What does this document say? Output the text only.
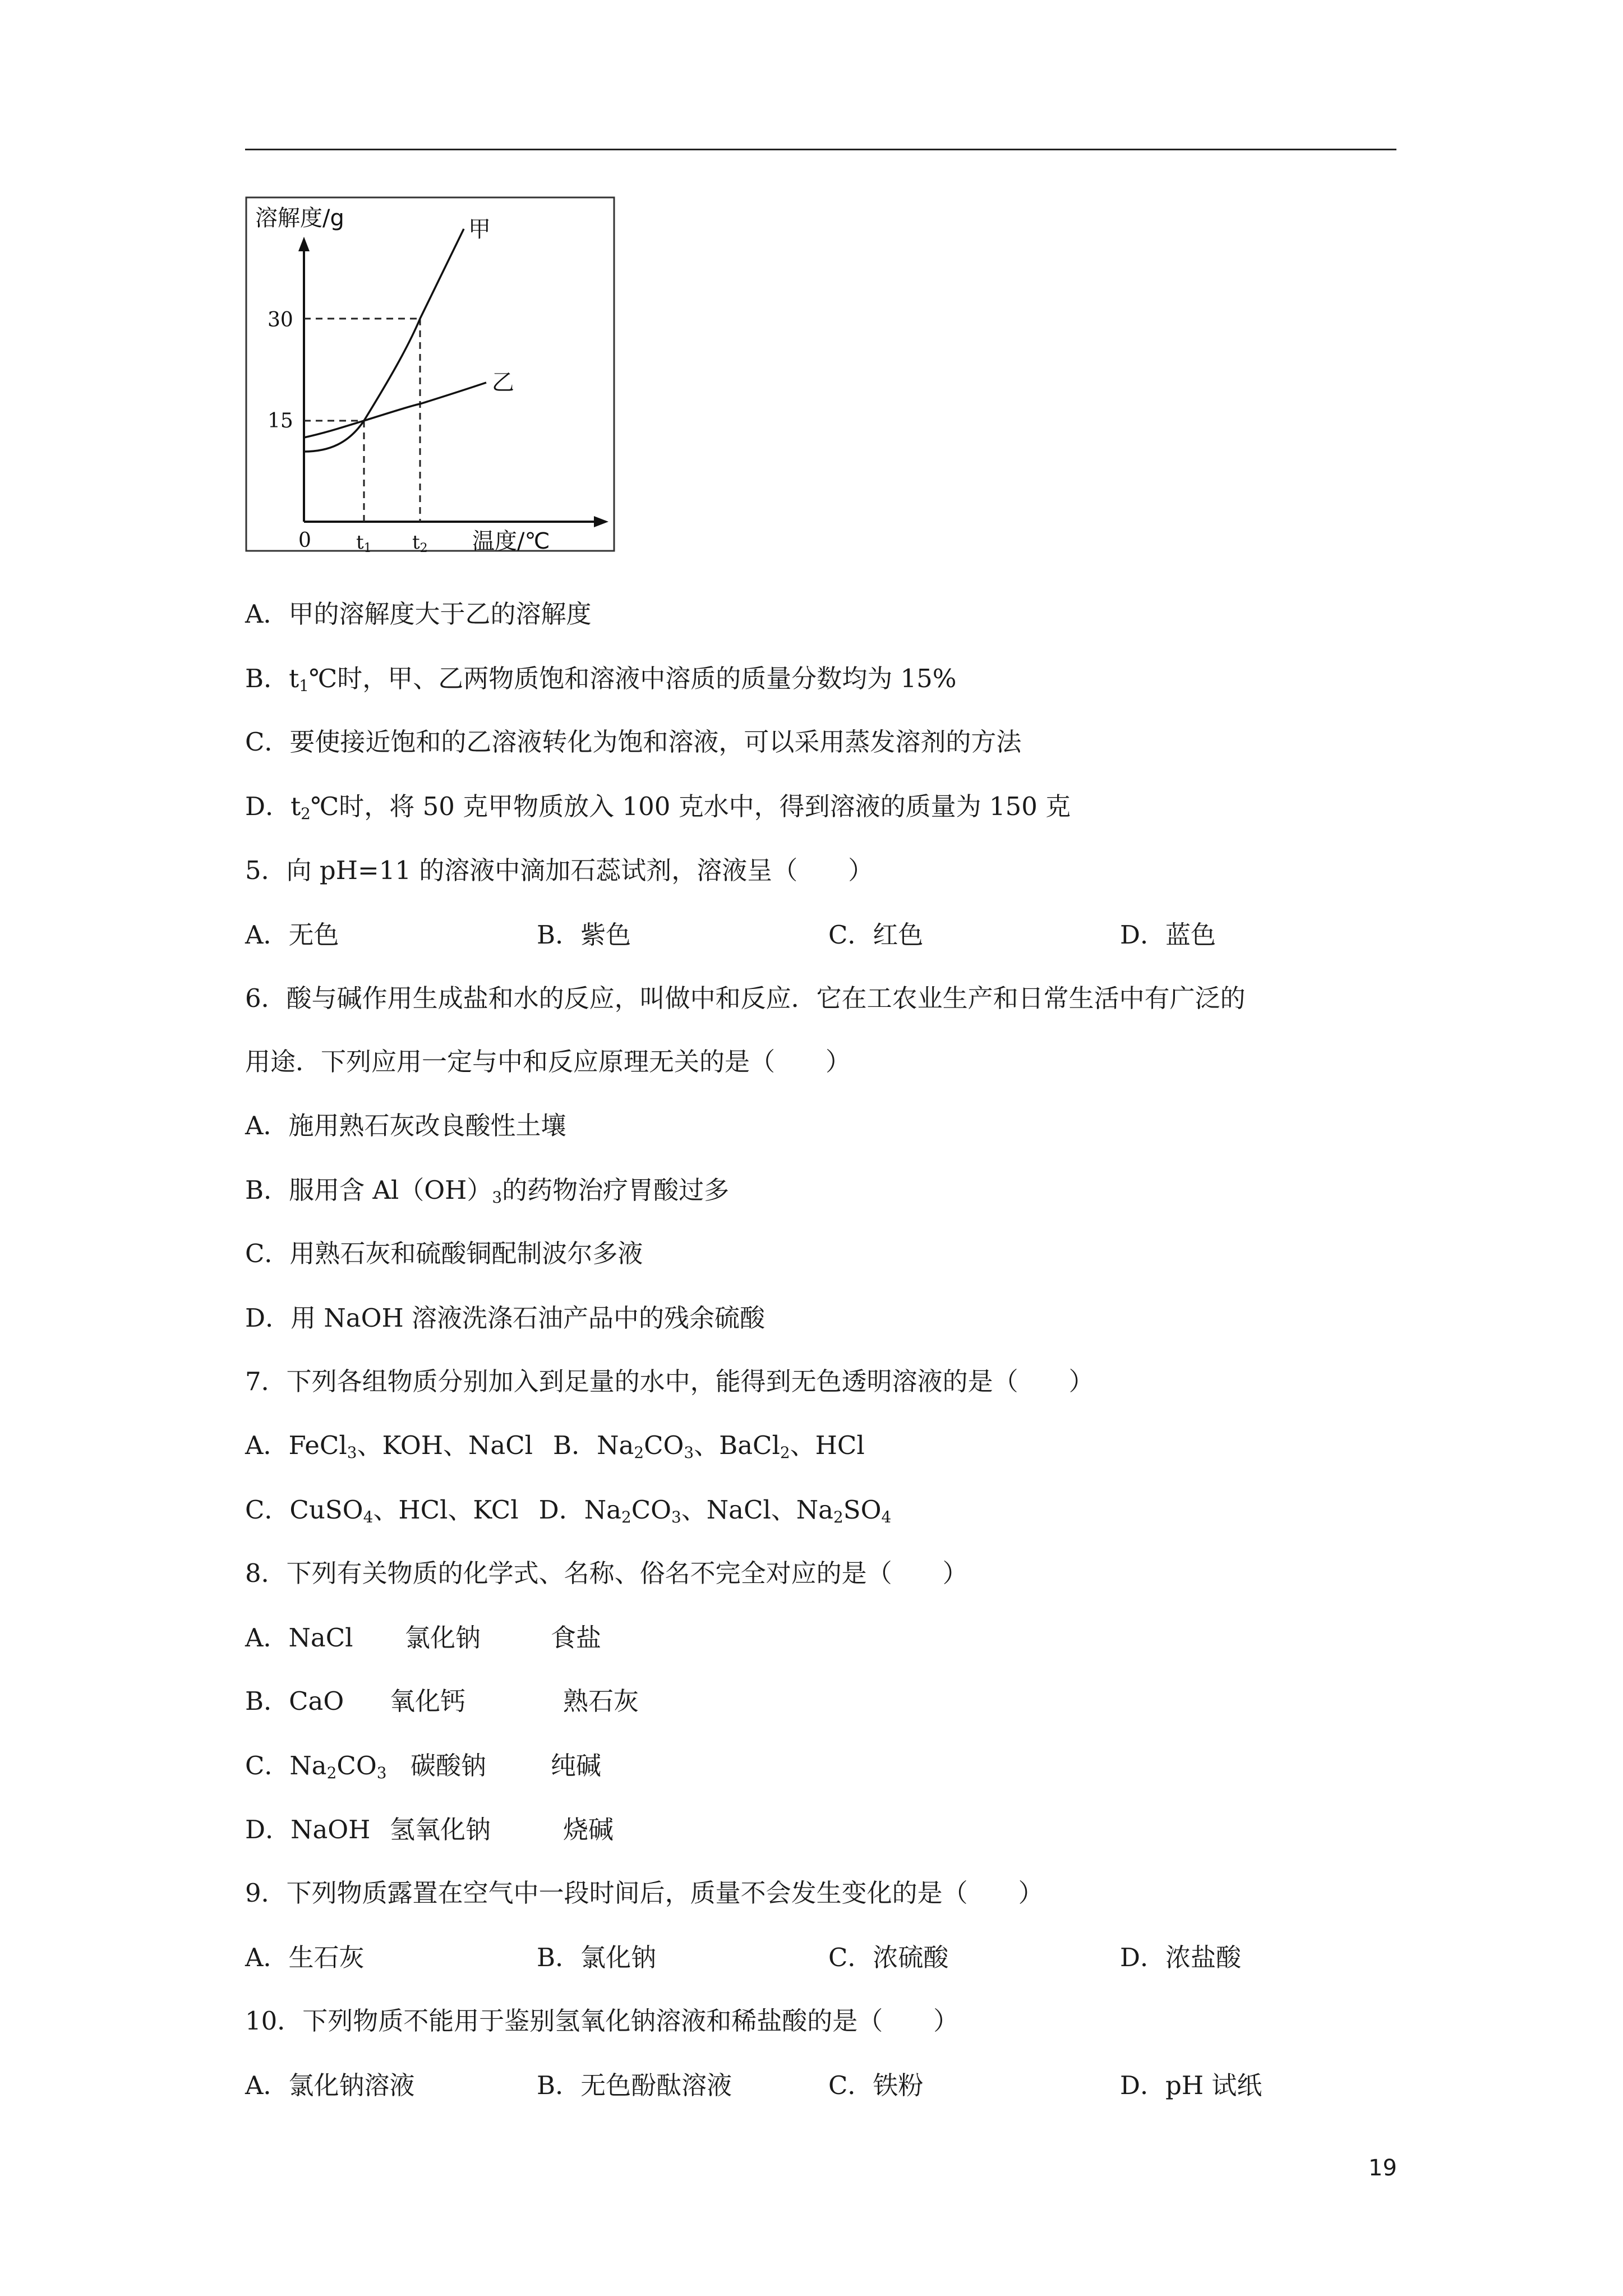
溶解度/g	甲
乙
30
15
0 t1 t2 温度/℃
A．甲的溶解度大于乙的溶解度
B．$t_1℃$时，甲、乙两物质饱和溶液中溶质的质量分数均为 15%
C．要使接近饱和的乙溶液转化为饱和溶液，可以采用蒸发溶剂的方法
D．$t_2℃$时，将 50 克甲物质放入 100 克水中，得到溶液的质量为 150 克
5．向 pH=11 的溶液中滴加石蕊试剂，溶液呈（　　）

A．无色

	B．紫色

	C．红色

	D．蓝色

6．酸与碱作用生成盐和水的反应，叫做中和反应．它在工农业生产和日常生活中有广泛的
用途．下列应用一定与中和反应原理无关的是（　　）
A．施用熟石灰改良酸性土壤
B．服用含 $Al(OH)_3$的药物治疗胃酸过多
C．用熟石灰和硫酸铜配制波尔多液
D．用 NaOH 溶液洗涤石油产品中的残余硫酸
7．下列各组物质分别加入到足量的水中，能得到无色透明溶液的是（　　）
A．FeCl$_3$、KOH、NaCl B．$Na_2CO_3$、BaCl$_2$、HCl
C．CuSO$_4$、HCl、KCl D．$Na_2CO_3$、NaCl、$Na_2SO_4$
8．下列有关物质的化学式、名称、俗名不完全对应的是（　　）

A．NaCl

氯化钠

	食盐

B．CaO

氧化钙

	熟石灰

C．$Na_2CO_3$

碳酸钠

	纯碱

D．NaOH

氢氧化钠

	烧碱

9．下列物质露置在空气中一段时间后，质量不会发生变化的是（　　）

A．生石灰

	B．氯化钠

	C．浓硫酸

	D．浓盐酸

10．下列物质不能用于鉴别氢氧化钠溶液和稀盐酸的是（　　）

A．氯化钠溶液

	B．无色酚酞溶液

	C．铁粉

	D．pH 试纸

19
